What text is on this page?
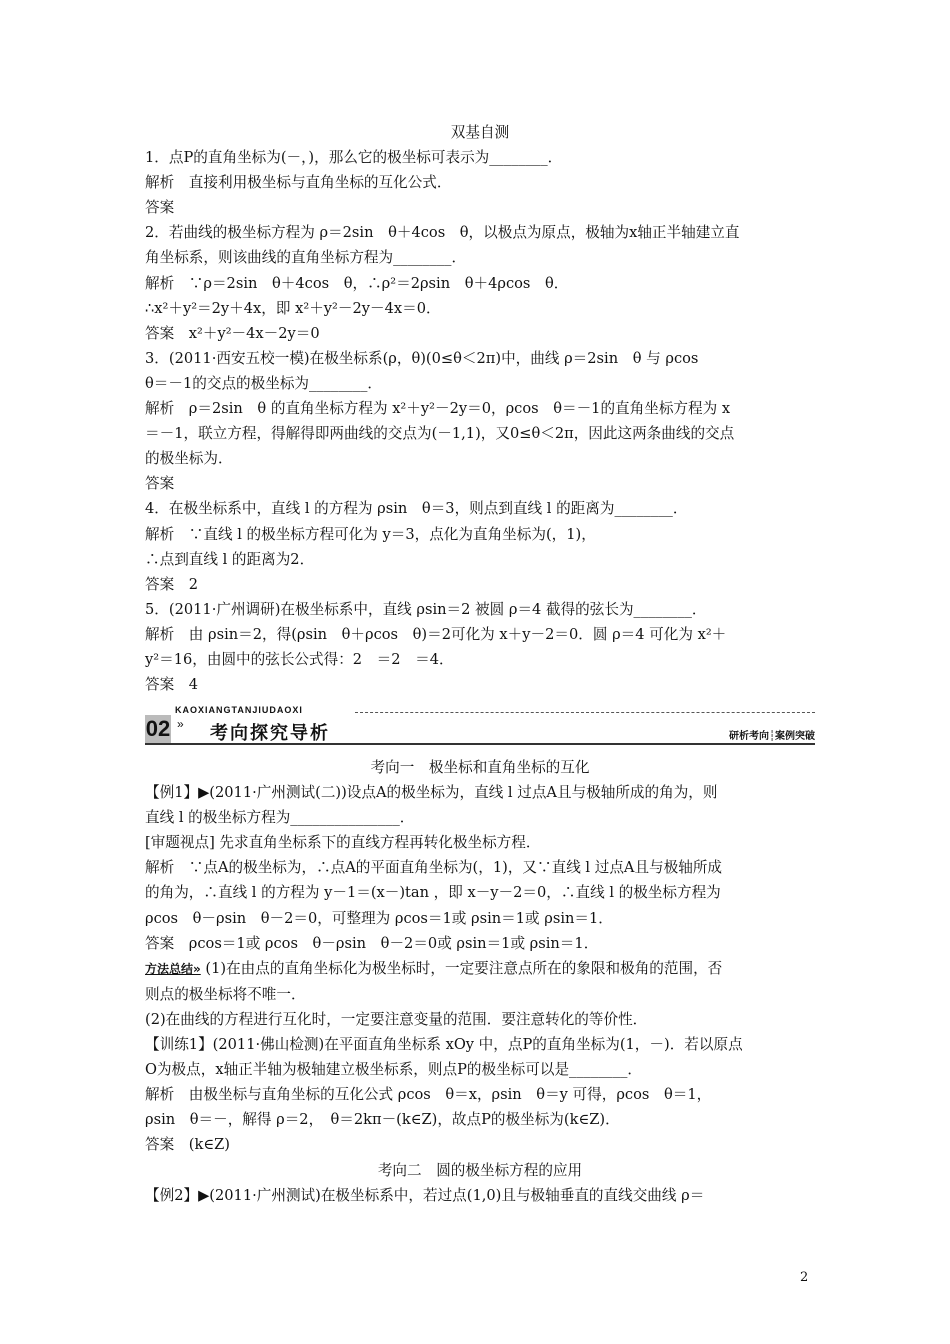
双基自测
1．点P的直角坐标为(－，)，那么它的极坐标可表示为________．
解析　直接利用极坐标与直角坐标的互化公式．
答案
2．若曲线的极坐标方程为 ρ＝2sin　θ＋4cos　θ，以极点为原点，极轴为x轴正半轴建立直
角坐标系，则该曲线的直角坐标方程为________．
解析　∵ρ＝2sin　θ＋4cos　θ，∴ρ²＝2ρsin　θ＋4ρcos　θ．
∴x²＋y²＝2y＋4x，即 x²＋y²－2y－4x＝0．
答案　x²＋y²－4x－2y＝0
3．(2011·西安五校一模)在极坐标系(ρ，θ)(0≤θ＜2π)中，曲线 ρ＝2sin　θ 与 ρcos
θ＝－1的交点的极坐标为________．
解析　ρ＝2sin　θ 的直角坐标方程为 x²＋y²－2y＝0，ρcos　θ＝－1的直角坐标方程为 x
＝－1，联立方程，得解得即两曲线的交点为(－1,1)，又0≤θ＜2π，因此这两条曲线的交点
的极坐标为．
答案
4．在极坐标系中，直线 l 的方程为 ρsin　θ＝3，则点到直线 l 的距离为________．
解析　∵直线 l 的极坐标方程可化为 y＝3，点化为直角坐标为(，1)，
∴点到直线 l 的距离为2．
答案　2
5．(2011·广州调研)在极坐标系中，直线 ρsin＝2 被圆 ρ＝4 截得的弦长为________．
解析　由 ρsin＝2，得(ρsin　θ＋ρcos　θ)＝2可化为 x＋y－2＝0．圆 ρ＝4 可化为 x²＋
y²＝16，由圆中的弦长公式得：2　＝2　＝4．
答案　4
02
KAOXIANGTANJIUDAOXI
» 考向探究导析	研析考向┆案例突破
考向一　极坐标和直角坐标的互化
【例1】▶(2011·广州测试(二))设点A的极坐标为，直线 l 过点A且与极轴所成的角为，则
直线 l 的极坐标方程为_______________．
[审题视点] 先求直角坐标系下的直线方程再转化极坐标方程．
解析　∵点A的极坐标为，∴点A的平面直角坐标为(，1)，又∵直线 l 过点A且与极轴所成
的角为，∴直线 l 的方程为 y－1＝(x－)tan ，即 x－y－2＝0，∴直线 l 的极坐标方程为
ρcos　θ－ρsin　θ－2＝0，可整理为 ρcos＝1或 ρsin＝1或 ρsin＝1．
答案　ρcos＝1或 ρcos　θ－ρsin　θ－2＝0或 ρsin＝1或 ρsin＝1．
方法总结» (1)在由点的直角坐标化为极坐标时，一定要注意点所在的象限和极角的范围，否
则点的极坐标将不唯一．
(2)在曲线的方程进行互化时，一定要注意变量的范围．要注意转化的等价性．
【训练1】(2011·佛山检测)在平面直角坐标系 xOy 中，点P的直角坐标为(1，－)．若以原点
O为极点，x轴正半轴为极轴建立极坐标系，则点P的极坐标可以是________．
解析　由极坐标与直角坐标的互化公式 ρcos　θ＝x，ρsin　θ＝y 可得，ρcos　θ＝1，
ρsin　θ＝－，解得 ρ＝2，　θ＝2kπ－(k∈Z)，故点P的极坐标为(k∈Z)．
答案　(k∈Z)
考向二　圆的极坐标方程的应用
【例2】▶(2011·广州测试)在极坐标系中，若过点(1,0)且与极轴垂直的直线交曲线 ρ＝
2
